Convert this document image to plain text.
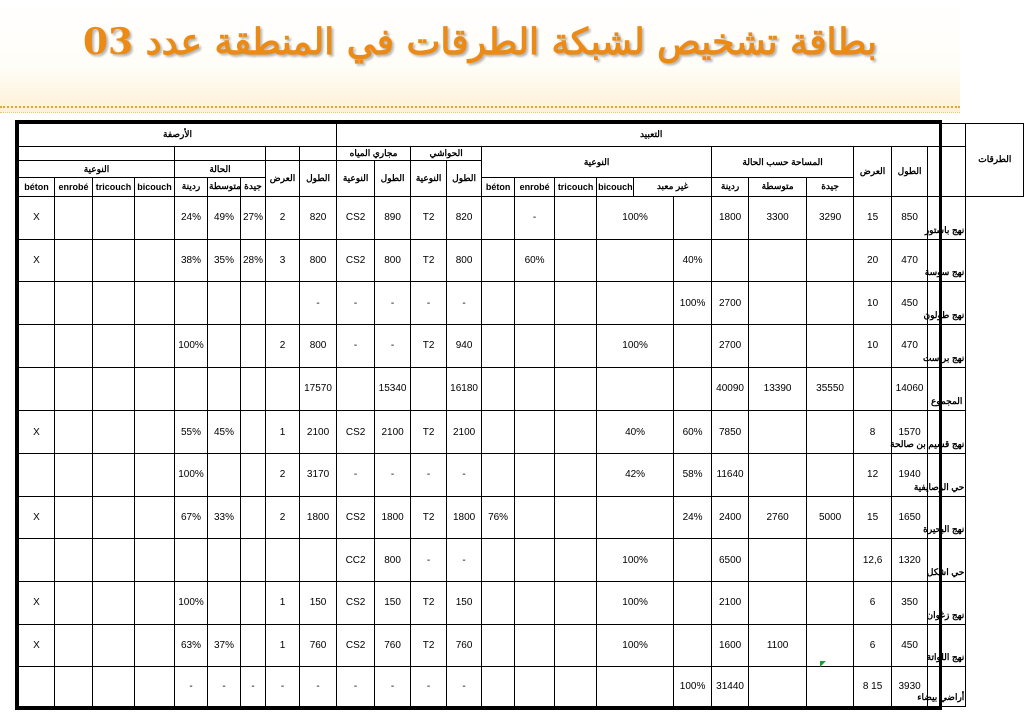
بطاقة تشخيص لشبكة الطرقات في المنطقة عدد 03
الأرصفة									التعبيد																الطرقات
									مجاري المياه		الحواشي		النوعية						المساحة حسب الحالة			العرض	الطول		
النوعية				الحالة			العرض	الطول	النوعية	الطول	النوعية	الطول													
béton	enrobé	tricouch	bicouch	ردينة	متوسطة	جيدة							béton	enrobé	tricouch	bicouch	غير معبد		ردينة	متوسطة	جيدة				
X				24%	49%	27%	2	820	CS2	890	T2	820		-		100%			1800	3300	3290	15	850	نهج باستور	
X				38%	35%	28%	3	800	CS2	800	T2	800		60%				40%				20	470	نهج سوسة	
								-	-	-	-	-						100%	2700			10	450	نهج طولون	
				100%			2	800	-	-	T2	940				100%			2700			10	470	نهج براست	
								17570		15340		16180							40090	13390	35550		14060	المجموع	
X				55%	45%		1	2100	CS2	2100	T2	2100				40%		60%	7850			8	1570	نهج قسيم بن صالحة	
				100%			2	3170	-	-	-	-				42%		58%	11640			12	1940	حي الوصايفية	
X				67%	33%		2	1800	CS2	1800	T2	1800	76%					24%	2400	2760	5000	15	1650	نهج البحيرة	
									CC2	800	-	-				100%			6500			12,6	1320	حي اشكل	
X				100%			1	150	CS2	150	T2	150				100%			2100			6	350	نهج زغوان	
X				63%	37%		1	760	CS2	760	T2	760				100%			1600	1100		6	450	نهج اللواتة	
				-	-	-	-	-	-	-	-	-						100%	31440			8 15	3930	أراضي بيضاء	
